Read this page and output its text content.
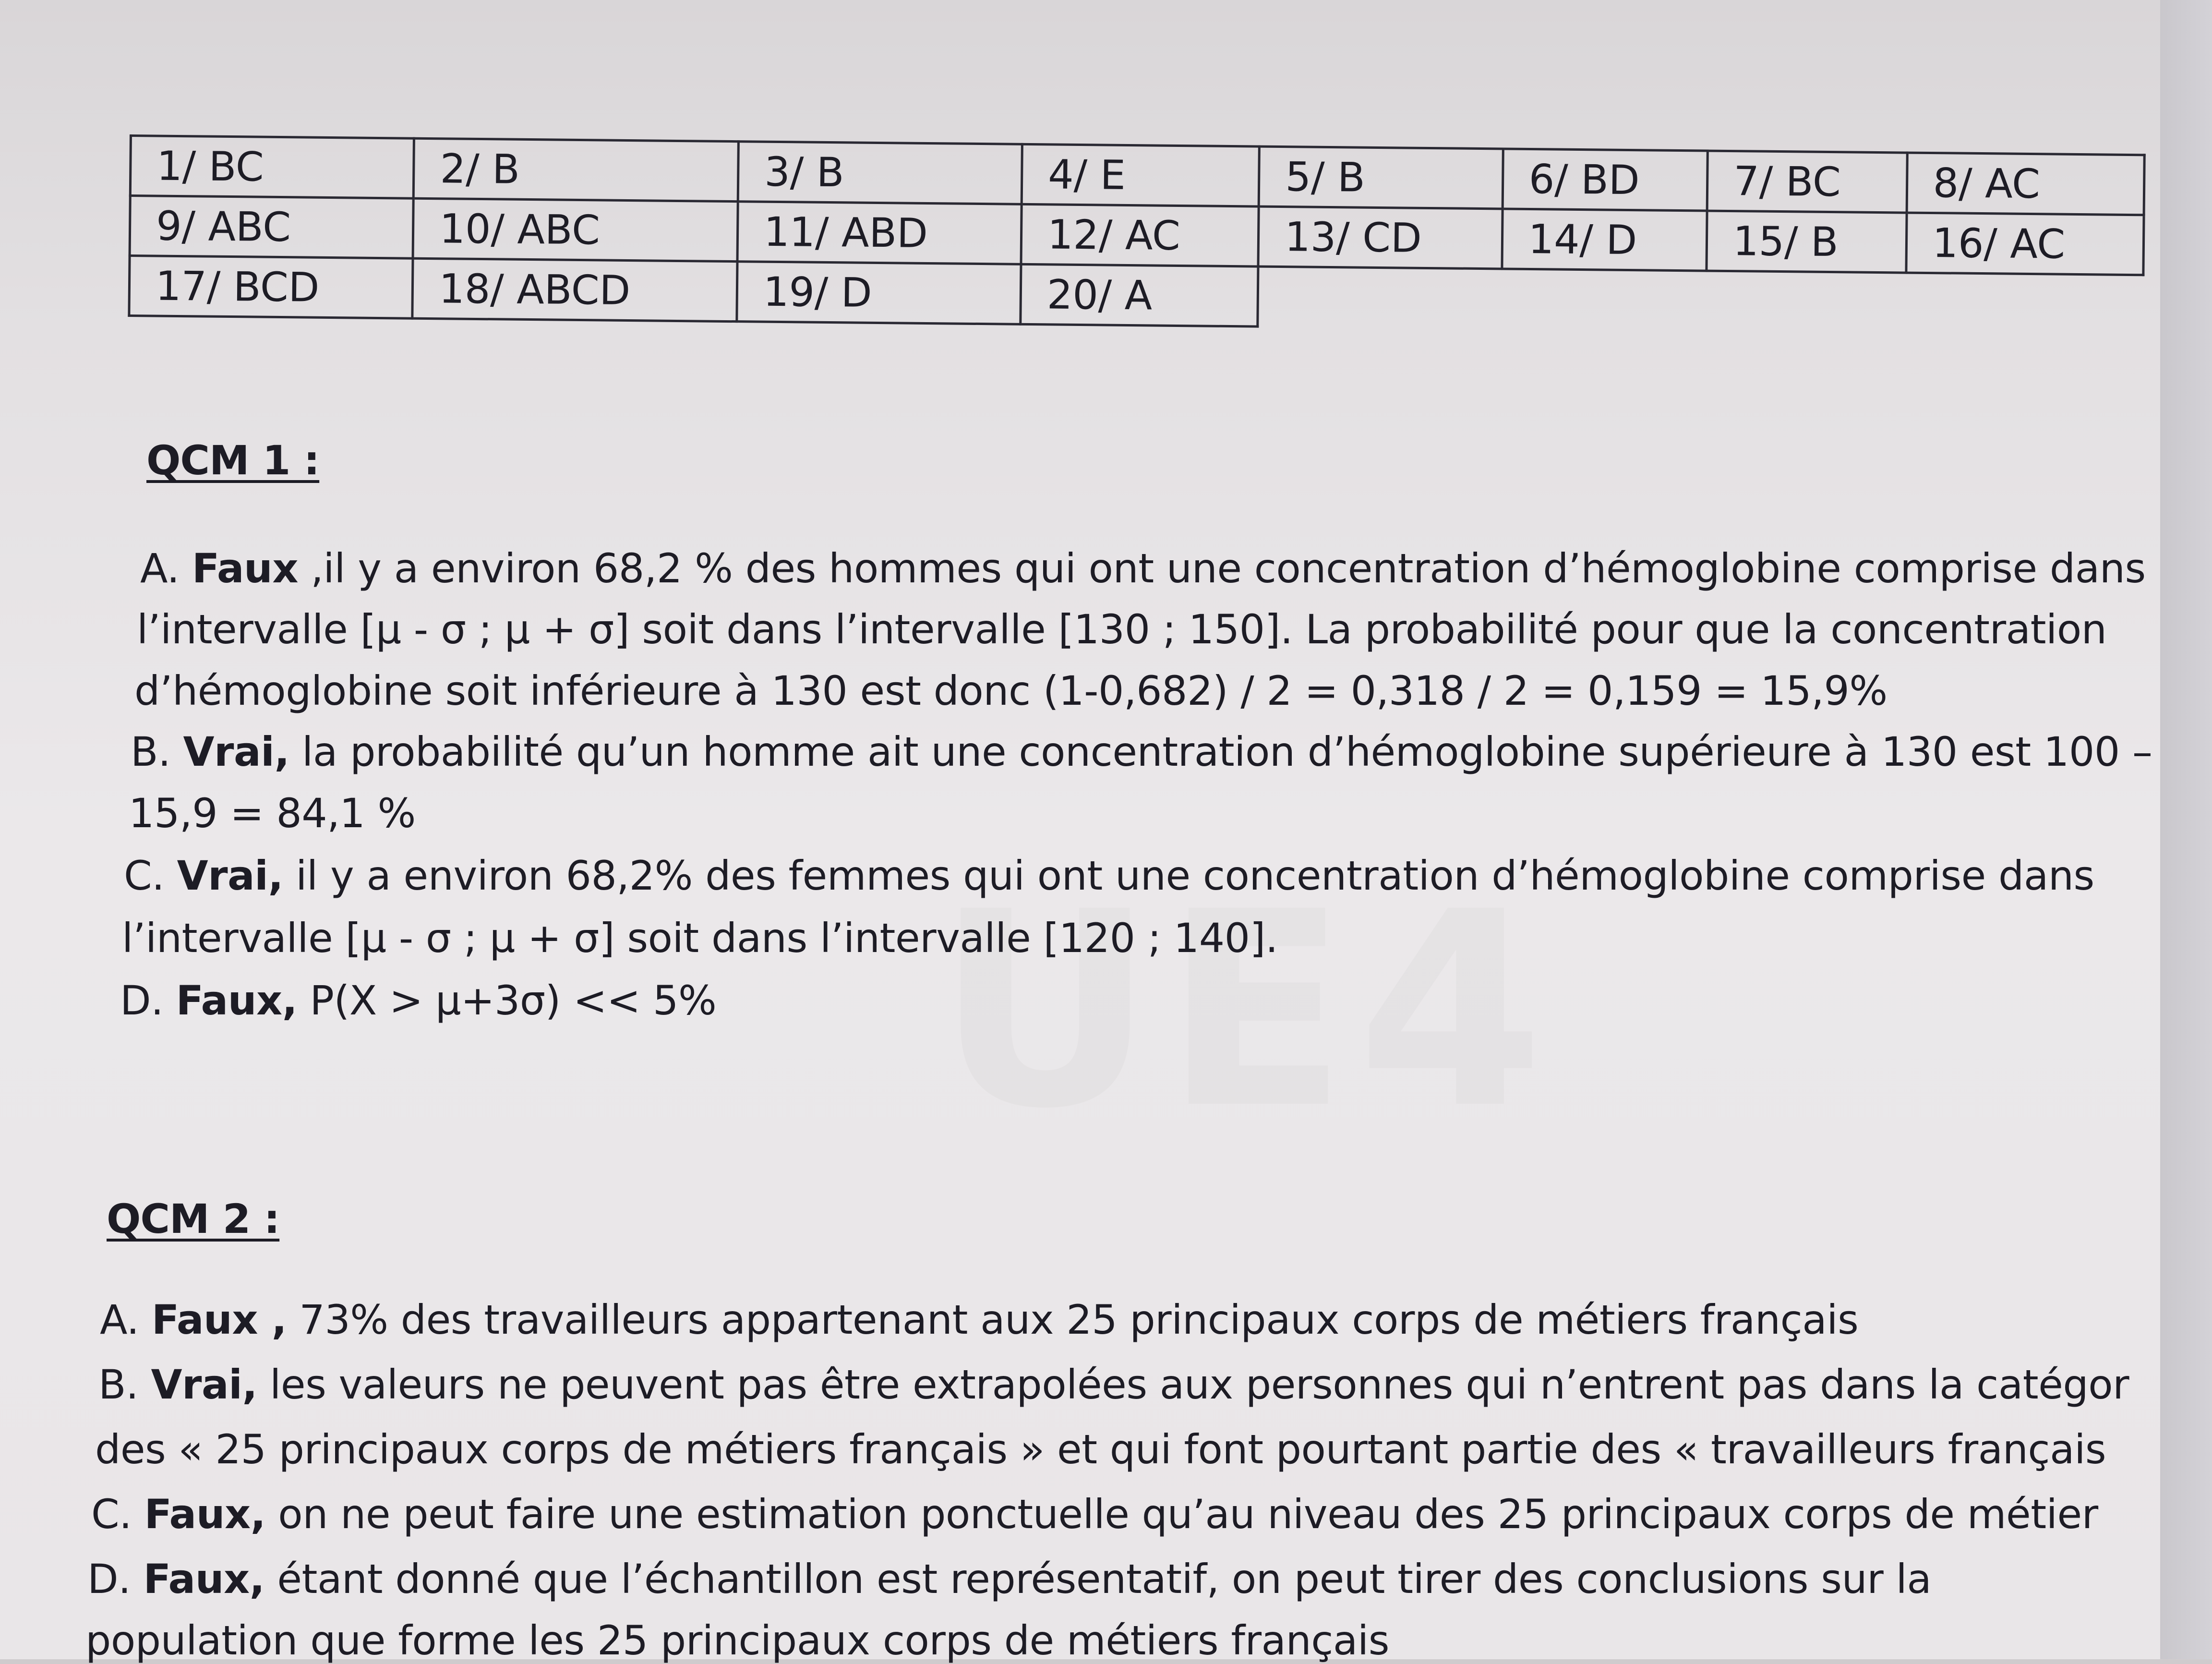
1/ BC	2/ B	3/ B	4/ E	5/ B	6/ BD	7/ BC	8/ AC
9/ ABC	10/ ABC	11/ ABD	12/ AC	13/ CD	14/ D	15/ B	16/ AC
17/ BCD	18/ ABCD	19/ D	20/ A				
QCM 1 :
A. Faux ,il y a environ 68,2 % des hommes qui ont une concentration d’hémoglobine comprise dans
l’intervalle [μ - σ ; μ + σ] soit dans l’intervalle [130 ; 150]. La probabilité pour que la concentration
d’hémoglobine soit inférieure à 130 est donc (1-0,682) / 2 = 0,318 / 2 = 0,159 = 15,9%
B. Vrai, la probabilité qu’un homme ait une concentration d’hémoglobine supérieure à 130 est 100 –
15,9 = 84,1 %
C. Vrai, il y a environ 68,2% des femmes qui ont une concentration d’hémoglobine comprise dans
l’intervalle [μ - σ ; μ + σ] soit dans l’intervalle [120 ; 140].
D. Faux, P(X > μ+3σ) << 5%
QCM 2 :
A. Faux , 73% des travailleurs appartenant aux 25 principaux corps de métiers français
B. Vrai, les valeurs ne peuvent pas être extrapolées aux personnes qui n’entrent pas dans la catégor
des « 25 principaux corps de métiers français » et qui font pourtant partie des « travailleurs français
C. Faux, on ne peut faire une estimation ponctuelle qu’au niveau des 25 principaux corps de métier
D. Faux, étant donné que l’échantillon est représentatif, on peut tirer des conclusions sur la
population que forme les 25 principaux corps de métiers français
